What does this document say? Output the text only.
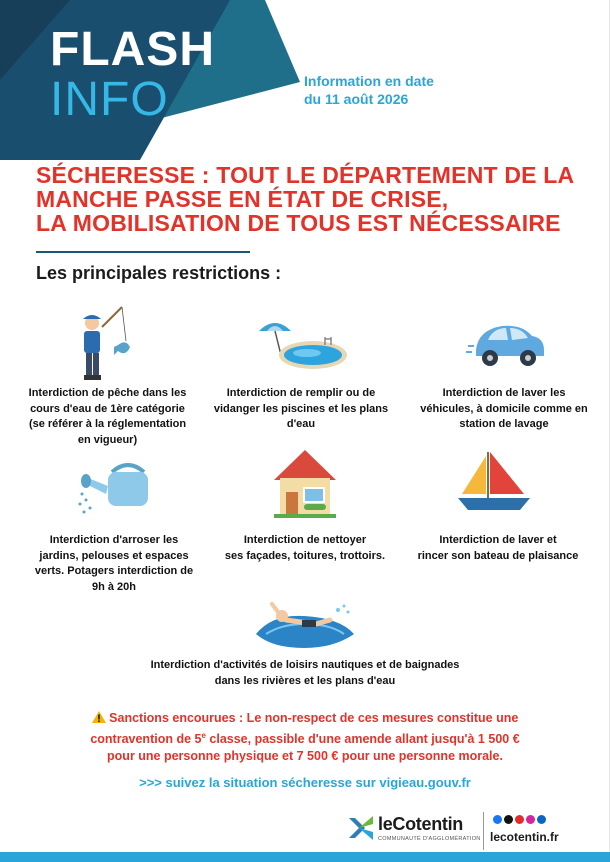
FLASH
INFO	Information en date
du 11 août 2026
SÉCHERESSE : TOUT LE DÉPARTEMENT DE LA
MANCHE PASSE EN ÉTAT DE CRISE,
LA MOBILISATION DE TOUS EST NÉCESSAIRE
Les principales restrictions :
Interdiction de pêche dans les
cours d'eau de 1ère catégorie
(se référer à la réglementation
en vigueur)
Interdiction de remplir ou de
vidanger les piscines et les plans
d'eau
Interdiction de laver les
véhicules, à domicile comme en
station de lavage
Interdiction d'arroser les
jardins, pelouses et espaces
verts. Potagers interdiction de
9h à 20h
Interdiction de nettoyer
ses façades, toitures, trottoirs.
Interdiction de laver et
rincer son bateau de plaisance
Interdiction d'activités de loisirs nautiques et de baignades
dans les rivières et les plans d'eau
Sanctions encourues : Le non-respect de ces mesures constitue une
contravention de 5e classe, passible d'une amende allant jusqu'à 1 500 €
pour une personne physique et 7 500 € pour une personne morale.
>>> suivez la situation sécheresse sur vigieau.gouv.fr
leCotentin
COMMUNAUTÉ D'AGGLOMÉRATION lecotentin.fr
